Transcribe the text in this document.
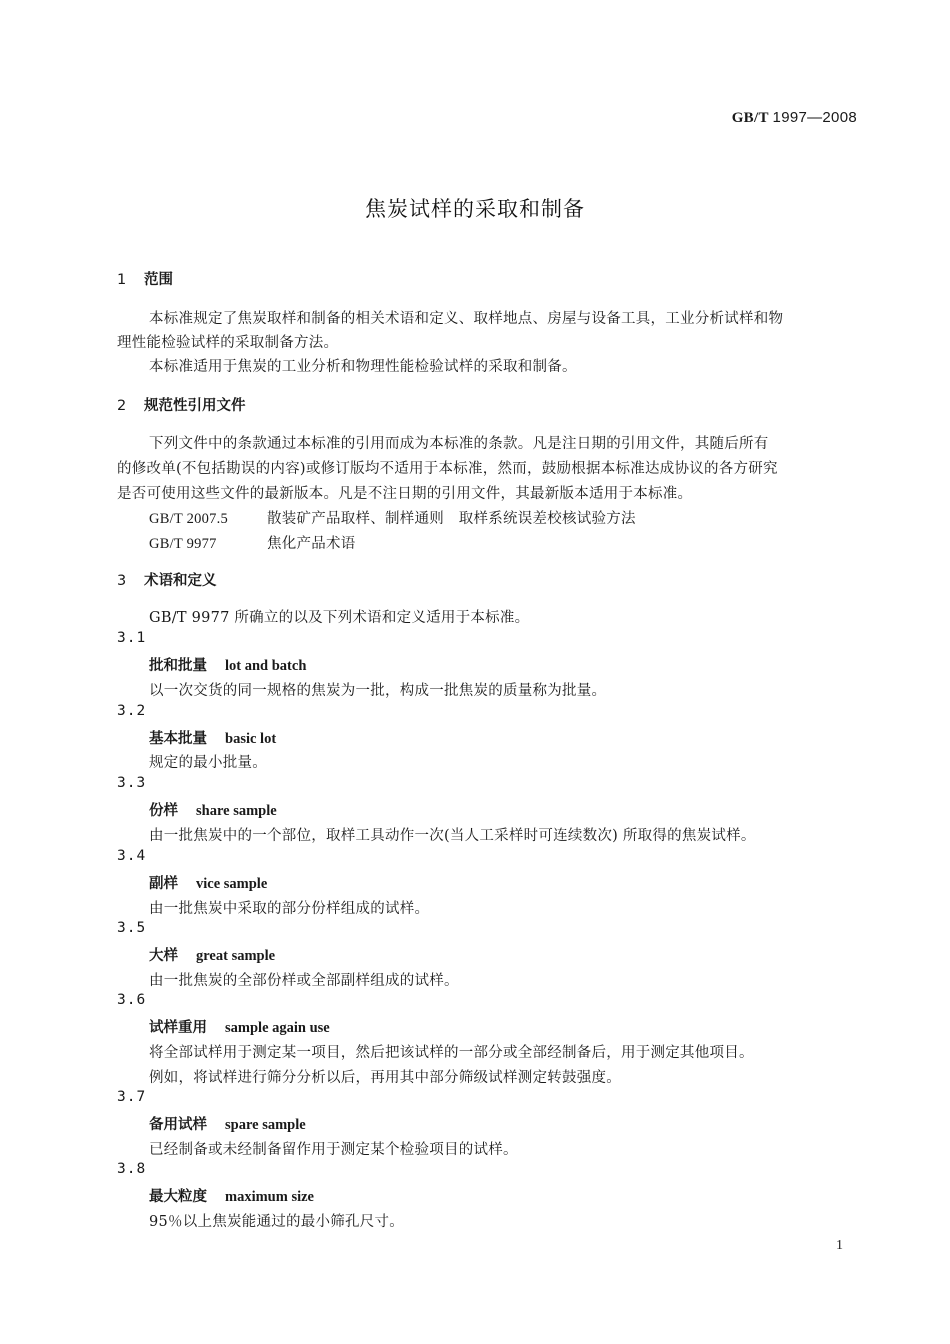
GB/T 1997—2008
焦炭试样的采取和制备
1 范围
本标准规定了焦炭取样和制备的相关术语和定义、取样地点、房屋与设备工具，工业分析试样和物
理性能检验试样的采取制备方法。
本标准适用于焦炭的工业分析和物理性能检验试样的采取和制备。
2 规范性引用文件
下列文件中的条款通过本标准的引用而成为本标准的条款。凡是注日期的引用文件，其随后所有
的修改单(不包括勘误的内容)或修订版均不适用于本标准，然而，鼓励根据本标准达成协议的各方研究
是否可使用这些文件的最新版本。凡是不注日期的引用文件，其最新版本适用于本标准。
GB/T 2007.5	散装矿产品取样、制样通则　取样系统误差校核试验方法
GB/T 9977	焦化产品术语
3 术语和定义
GB/T 9977 所确立的以及下列术语和定义适用于本标准。
3.1
批和批量 lot and batch
以一次交货的同一规格的焦炭为一批，构成一批焦炭的质量称为批量。
3.2
基本批量 basic lot
规定的最小批量。
3.3
份样 share sample
由一批焦炭中的一个部位，取样工具动作一次(当人工采样时可连续数次) 所取得的焦炭试样。
3.4
副样 vice sample
由一批焦炭中采取的部分份样组成的试样。
3.5
大样 great sample
由一批焦炭的全部份样或全部副样组成的试样。
3.6
试样重用 sample again use
将全部试样用于测定某一项目，然后把该试样的一部分或全部经制备后，用于测定其他项目。
例如，将试样进行筛分分析以后，再用其中部分筛级试样测定转鼓强度。
3.7
备用试样 spare sample
已经制备或未经制备留作用于测定某个检验项目的试样。
3.8
最大粒度 maximum size
95％以上焦炭能通过的最小筛孔尺寸。
1
